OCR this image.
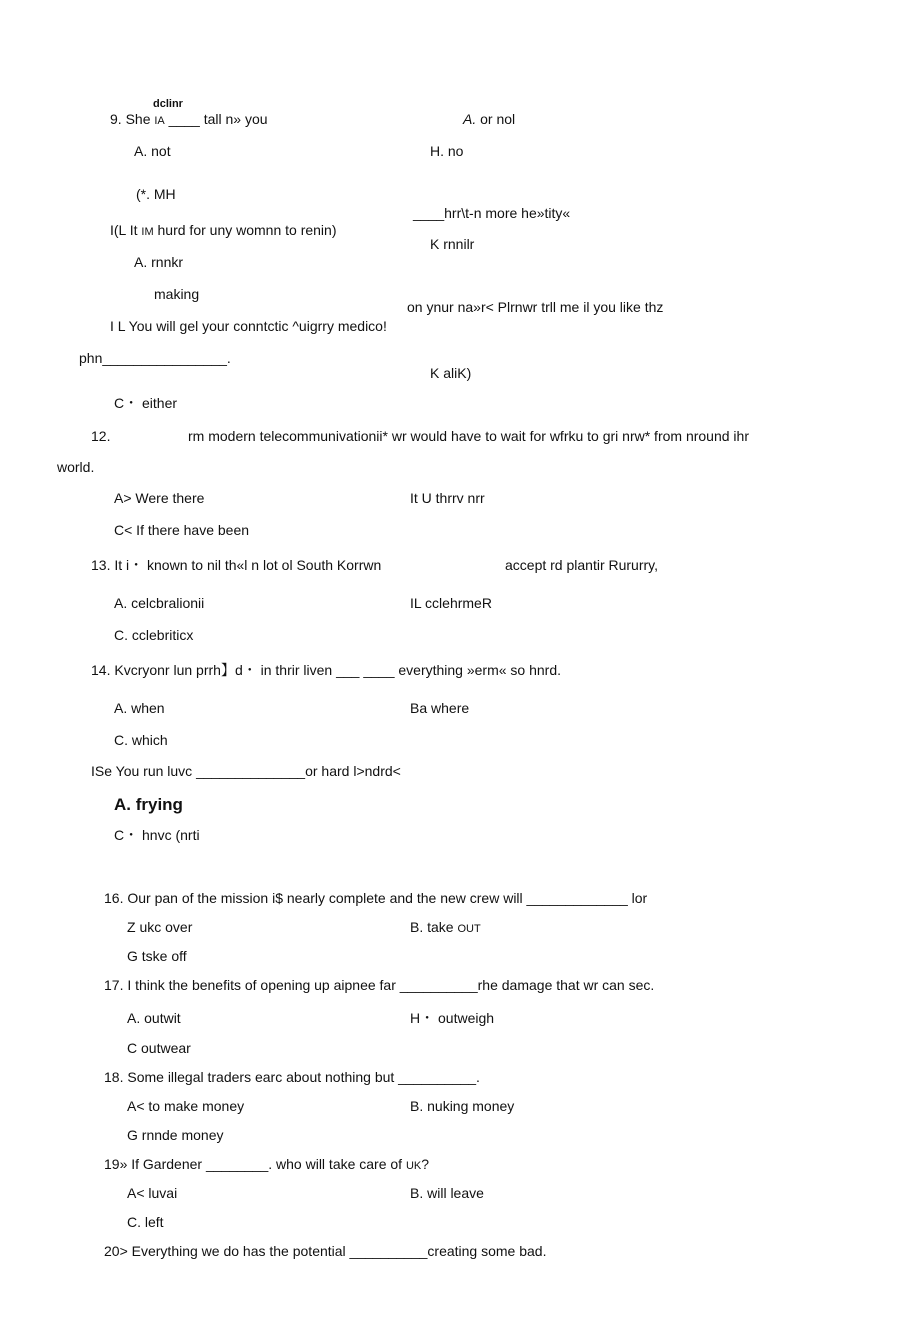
dclinr
9. She IA ____ tall n» you	A. or nol
A. not	H. no
(*. MH
____hrr\t-n more he»tity«
I(L It IM hurd for uny womnn to renin)
K rnnilr
A. rnnkr
making
on ynur na»r< Plrnwr trll me il you like thz
I L You will gel your conntctic ^uigrry medico!
phn________________.
K aliK)
C・ either
12.	rm modern telecommunivationii* wr would have to wait for wfrku to gri nrw* from nround ihr
world.
A> Were there	It U thrrv nrr
C< If there have been
13. It i・ known to nil th«l n lot ol South Korrwn	accept rd plantir Rururry,
A. celcbralionii	IL cclehrmeR
C. cclebriticx
14. Kvcryonr lun prrh】d・ in thrir liven ___ ____ everything »erm« so hnrd.
A. when	Ba where
C. which
ISe You run luvc ______________or hard l>ndrd<
A. frying
C・ hnvc (nrti
16. Our pan of the mission i$ nearly complete and the new crew will _____________ lor
Z ukc over	B. take OUT
G tske off
17. I think the benefits of opening up aipnee far __________rhe damage that wr can sec.
A. outwit	H・ outweigh
C outwear
18. Some illegal traders earc about nothing but __________.
A< to make money	B. nuking money
G rnnde money
19» If Gardener ________. who will take care of UK?
A< luvai	B. will leave
C. left
20> Everything we do has the potential __________creating some bad.
